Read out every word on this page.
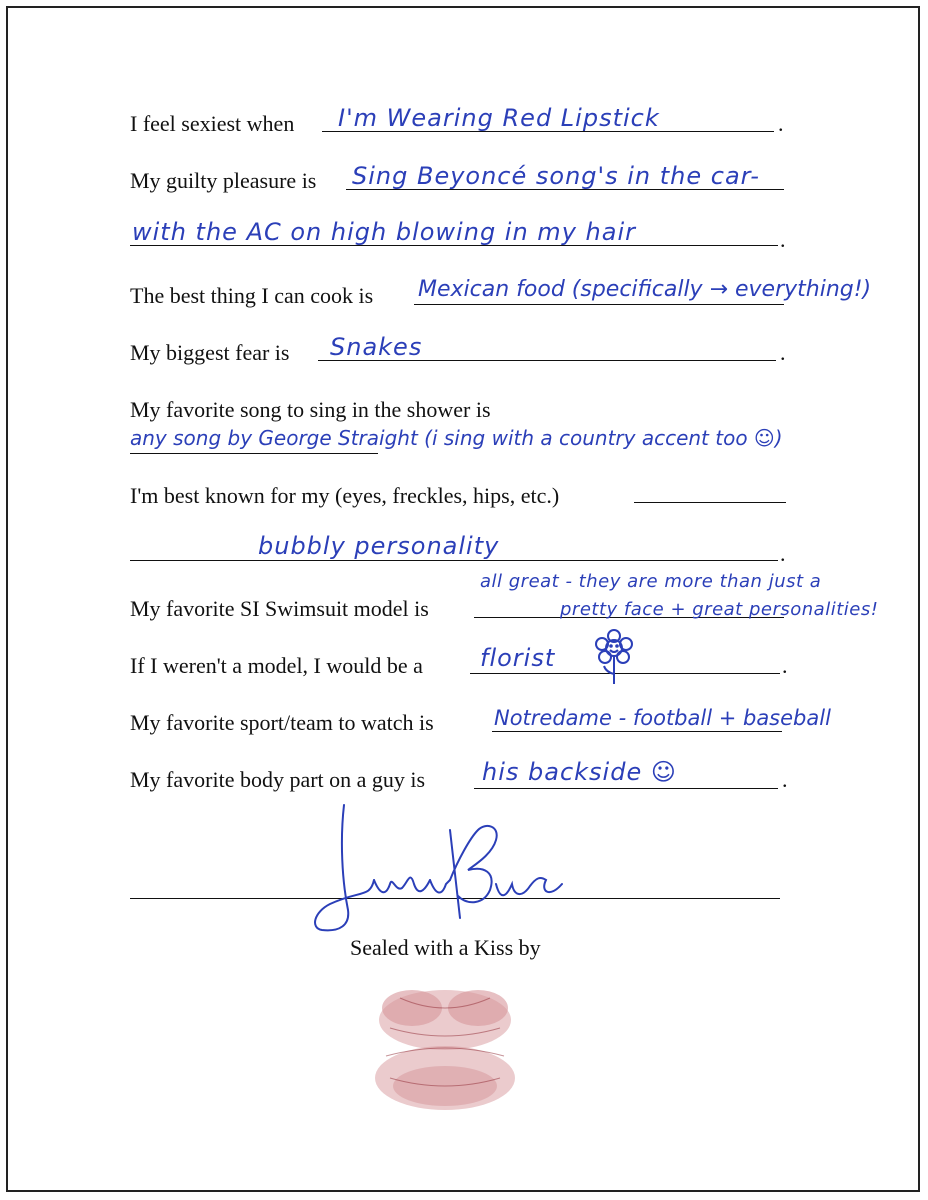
I feel sexiest when I'm Wearing Red Lipstick	.
My guilty pleasure is Sing Beyoncé song's in the car-
with the AC on high blowing in my hair	.
The best thing I can cook is Mexican food (specifically → everything!)
My biggest fear is Snakes	.
My favorite song to sing in the shower is
any song by George Straight (i sing with a country accent too ☺)
I'm best known for my (eyes, freckles, hips, etc.)
bubbly personality	.
My favorite SI Swimsuit model is
all great - they are more than just a
pretty face + great personalities!
If I weren't a model, I would be a florist	.
My favorite sport/team to watch is	Notredame - football + baseball
My favorite body part on a guy is his backside ☺	.
Sealed with a Kiss by
